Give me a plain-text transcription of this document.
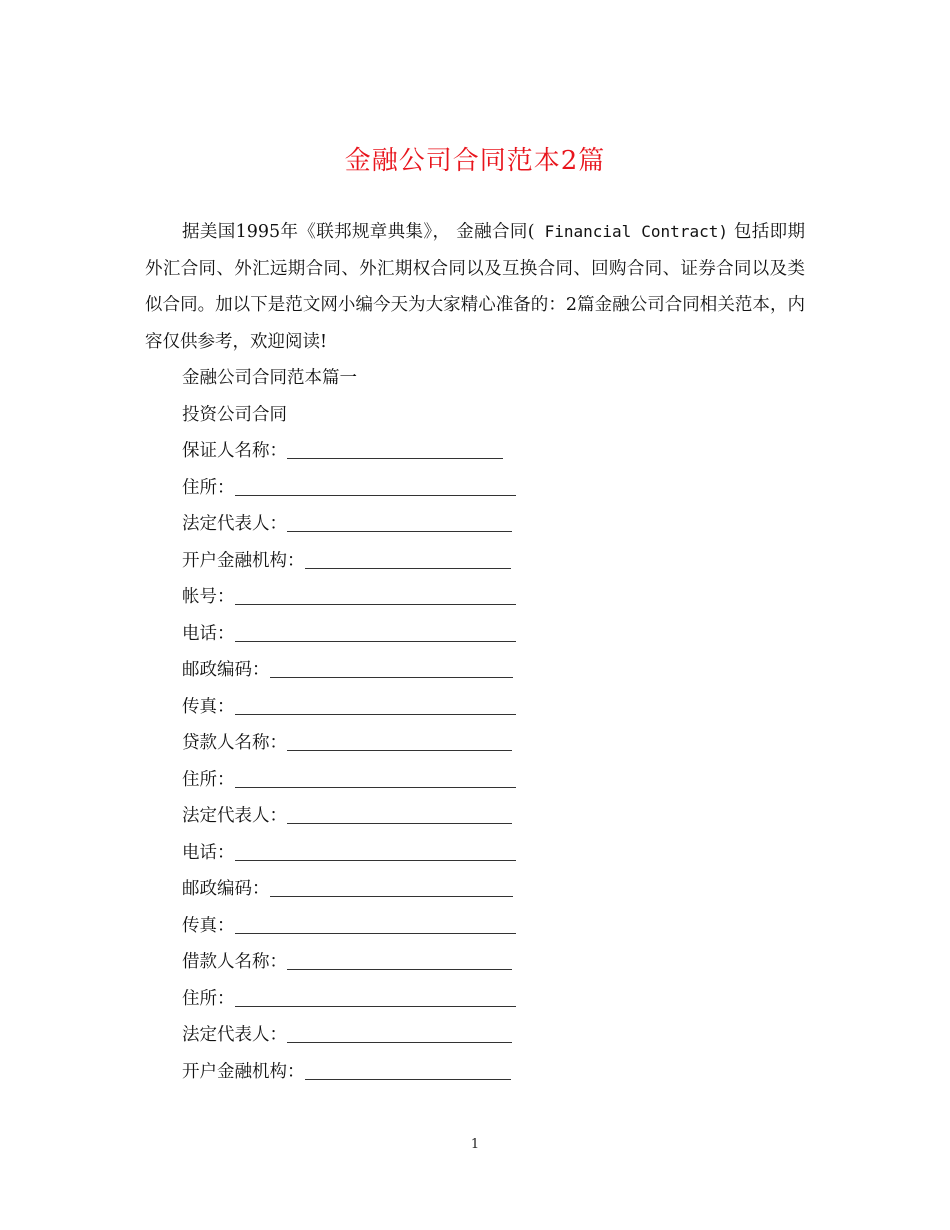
金融公司合同范本2篇
据美国1995年《联邦规章典集》， 金融合同( Financial Contract) 包括即期外汇合同、外汇远期合同、外汇期权合同以及互换合同、回购合同、证券合同以及类似合同。加以下是范文网小编今天为大家精心准备的：2篇金融公司合同相关范本，内容仅供参考，欢迎阅读!
金融公司合同范本篇一
投资公司合同
保证人名称：
住所：
法定代表人：
开户金融机构：
帐号：
电话：
邮政编码：
传真：
贷款人名称：
住所：
法定代表人：
电话：
邮政编码：
传真：
借款人名称：
住所：
法定代表人：
开户金融机构：
1
